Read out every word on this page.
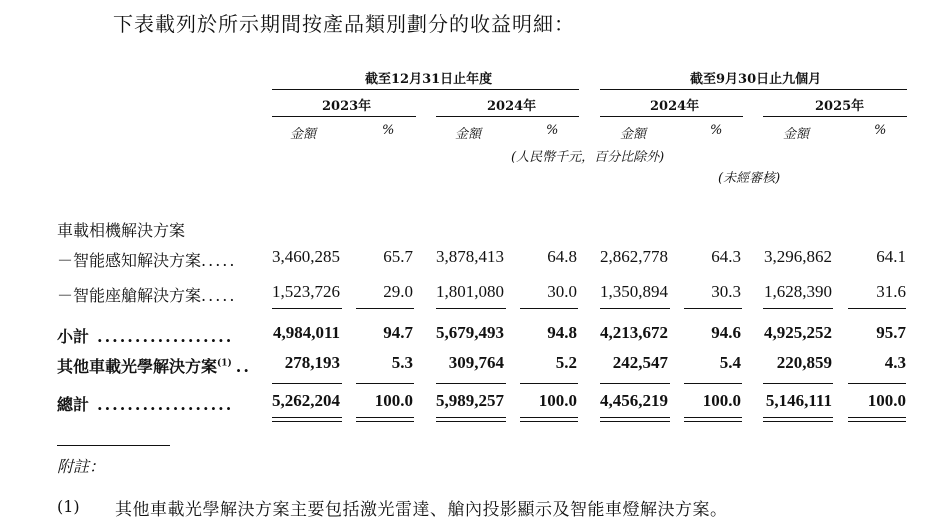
下表載列於所示期間按產品類別劃分的收益明細：
截至12月31日止年度	截至9月30日止九個月
2023年	2024年	2024年	2025年
金額	%	金額	%	金額	%	金額	%
(人民幣千元，百分比除外)
(未經審核)
車載相機解決方案
－智能感知解決方案.....	3,460,285	65.7	3,878,413	64.8	2,862,778	64.3	3,296,862	64.1
－智能座艙解決方案.....	1,523,726	29.0	1,801,080	30.0	1,350,894	30.3	1,628,390	31.6
小計 ..................	4,984,011	94.7	5,679,493	94.8	4,213,672	94.6	4,925,252	95.7
其他車載光學解決方案$^{(1)}$ ..	278,193	5.3	309,764	5.2	242,547	5.4	220,859	4.3
總計 ..................	5,262,204	100.0	5,989,257	100.0	4,456,219	100.0	5,146,111	100.0
附註：
(1) 其他車載光學解決方案主要包括激光雷達、艙內投影顯示及智能車燈解決方案。
